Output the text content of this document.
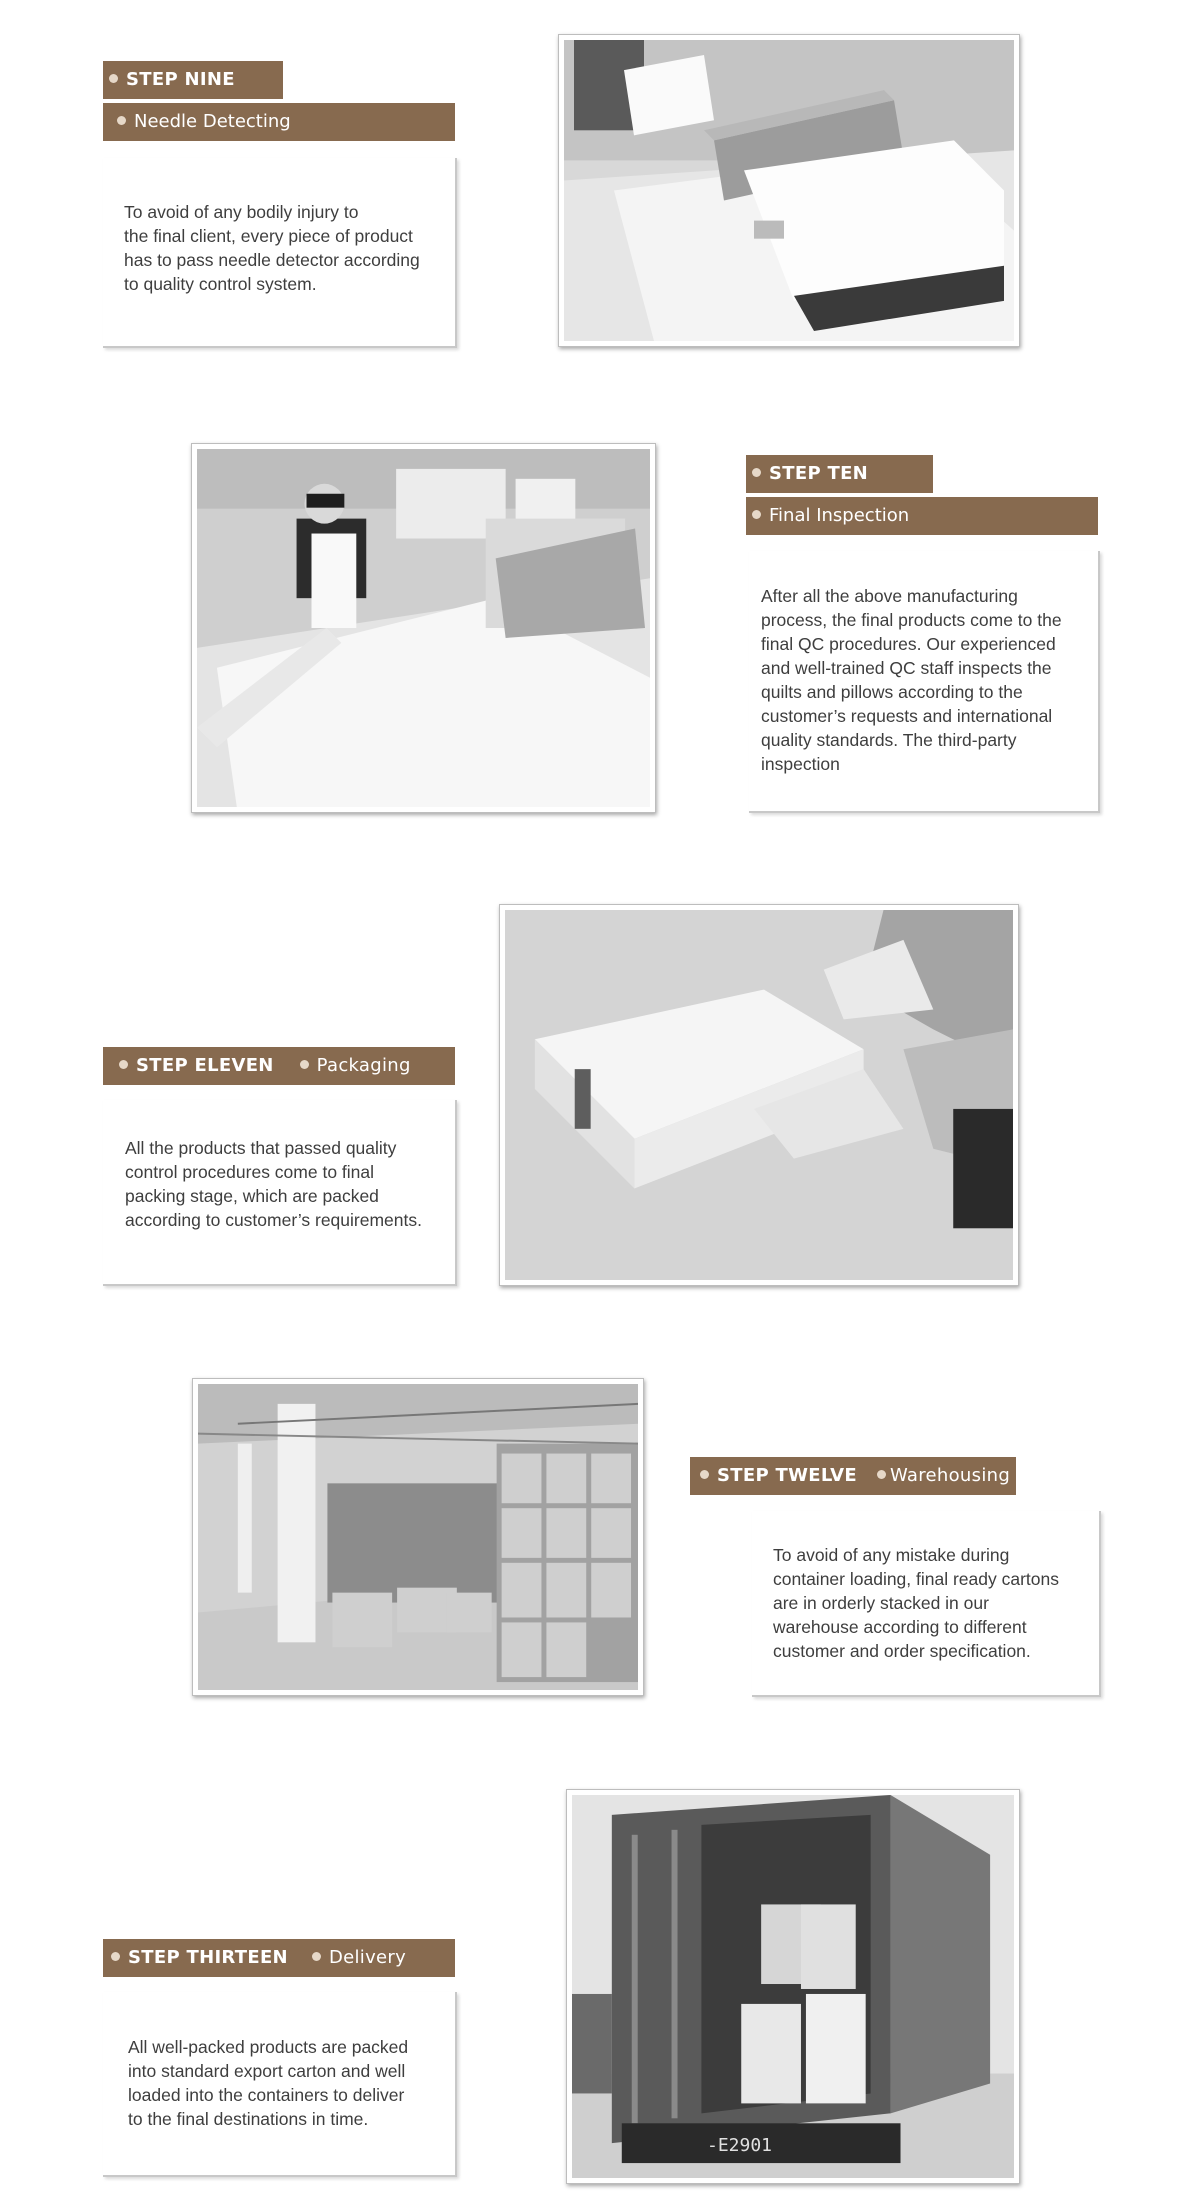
STEP NINE
Needle Detecting

To avoid of any bodily injury to

the final client, every piece of product

has to pass needle detector according

to quality control system.

STEP TEN
Final Inspection

After all the above manufacturing

process, the final products come to the

final QC procedures. Our experienced

and well-trained QC staff inspects the

quilts and pillows according to the

customer’s requests and international

quality standards. The third-party

inspection

STEP ELEVEN Packaging

All the products that passed quality

control procedures come to final

packing stage, which are packed

according to customer’s requirements.

STEP TWELVE Warehousing

To avoid of any mistake during

container loading, final ready cartons

are in orderly stacked in our

warehouse according to different

customer and order specification.

-E2901
STEP THIRTEEN Delivery

All well-packed products are packed

into standard export carton and well

loaded into the containers to deliver

to the final destinations in time.
